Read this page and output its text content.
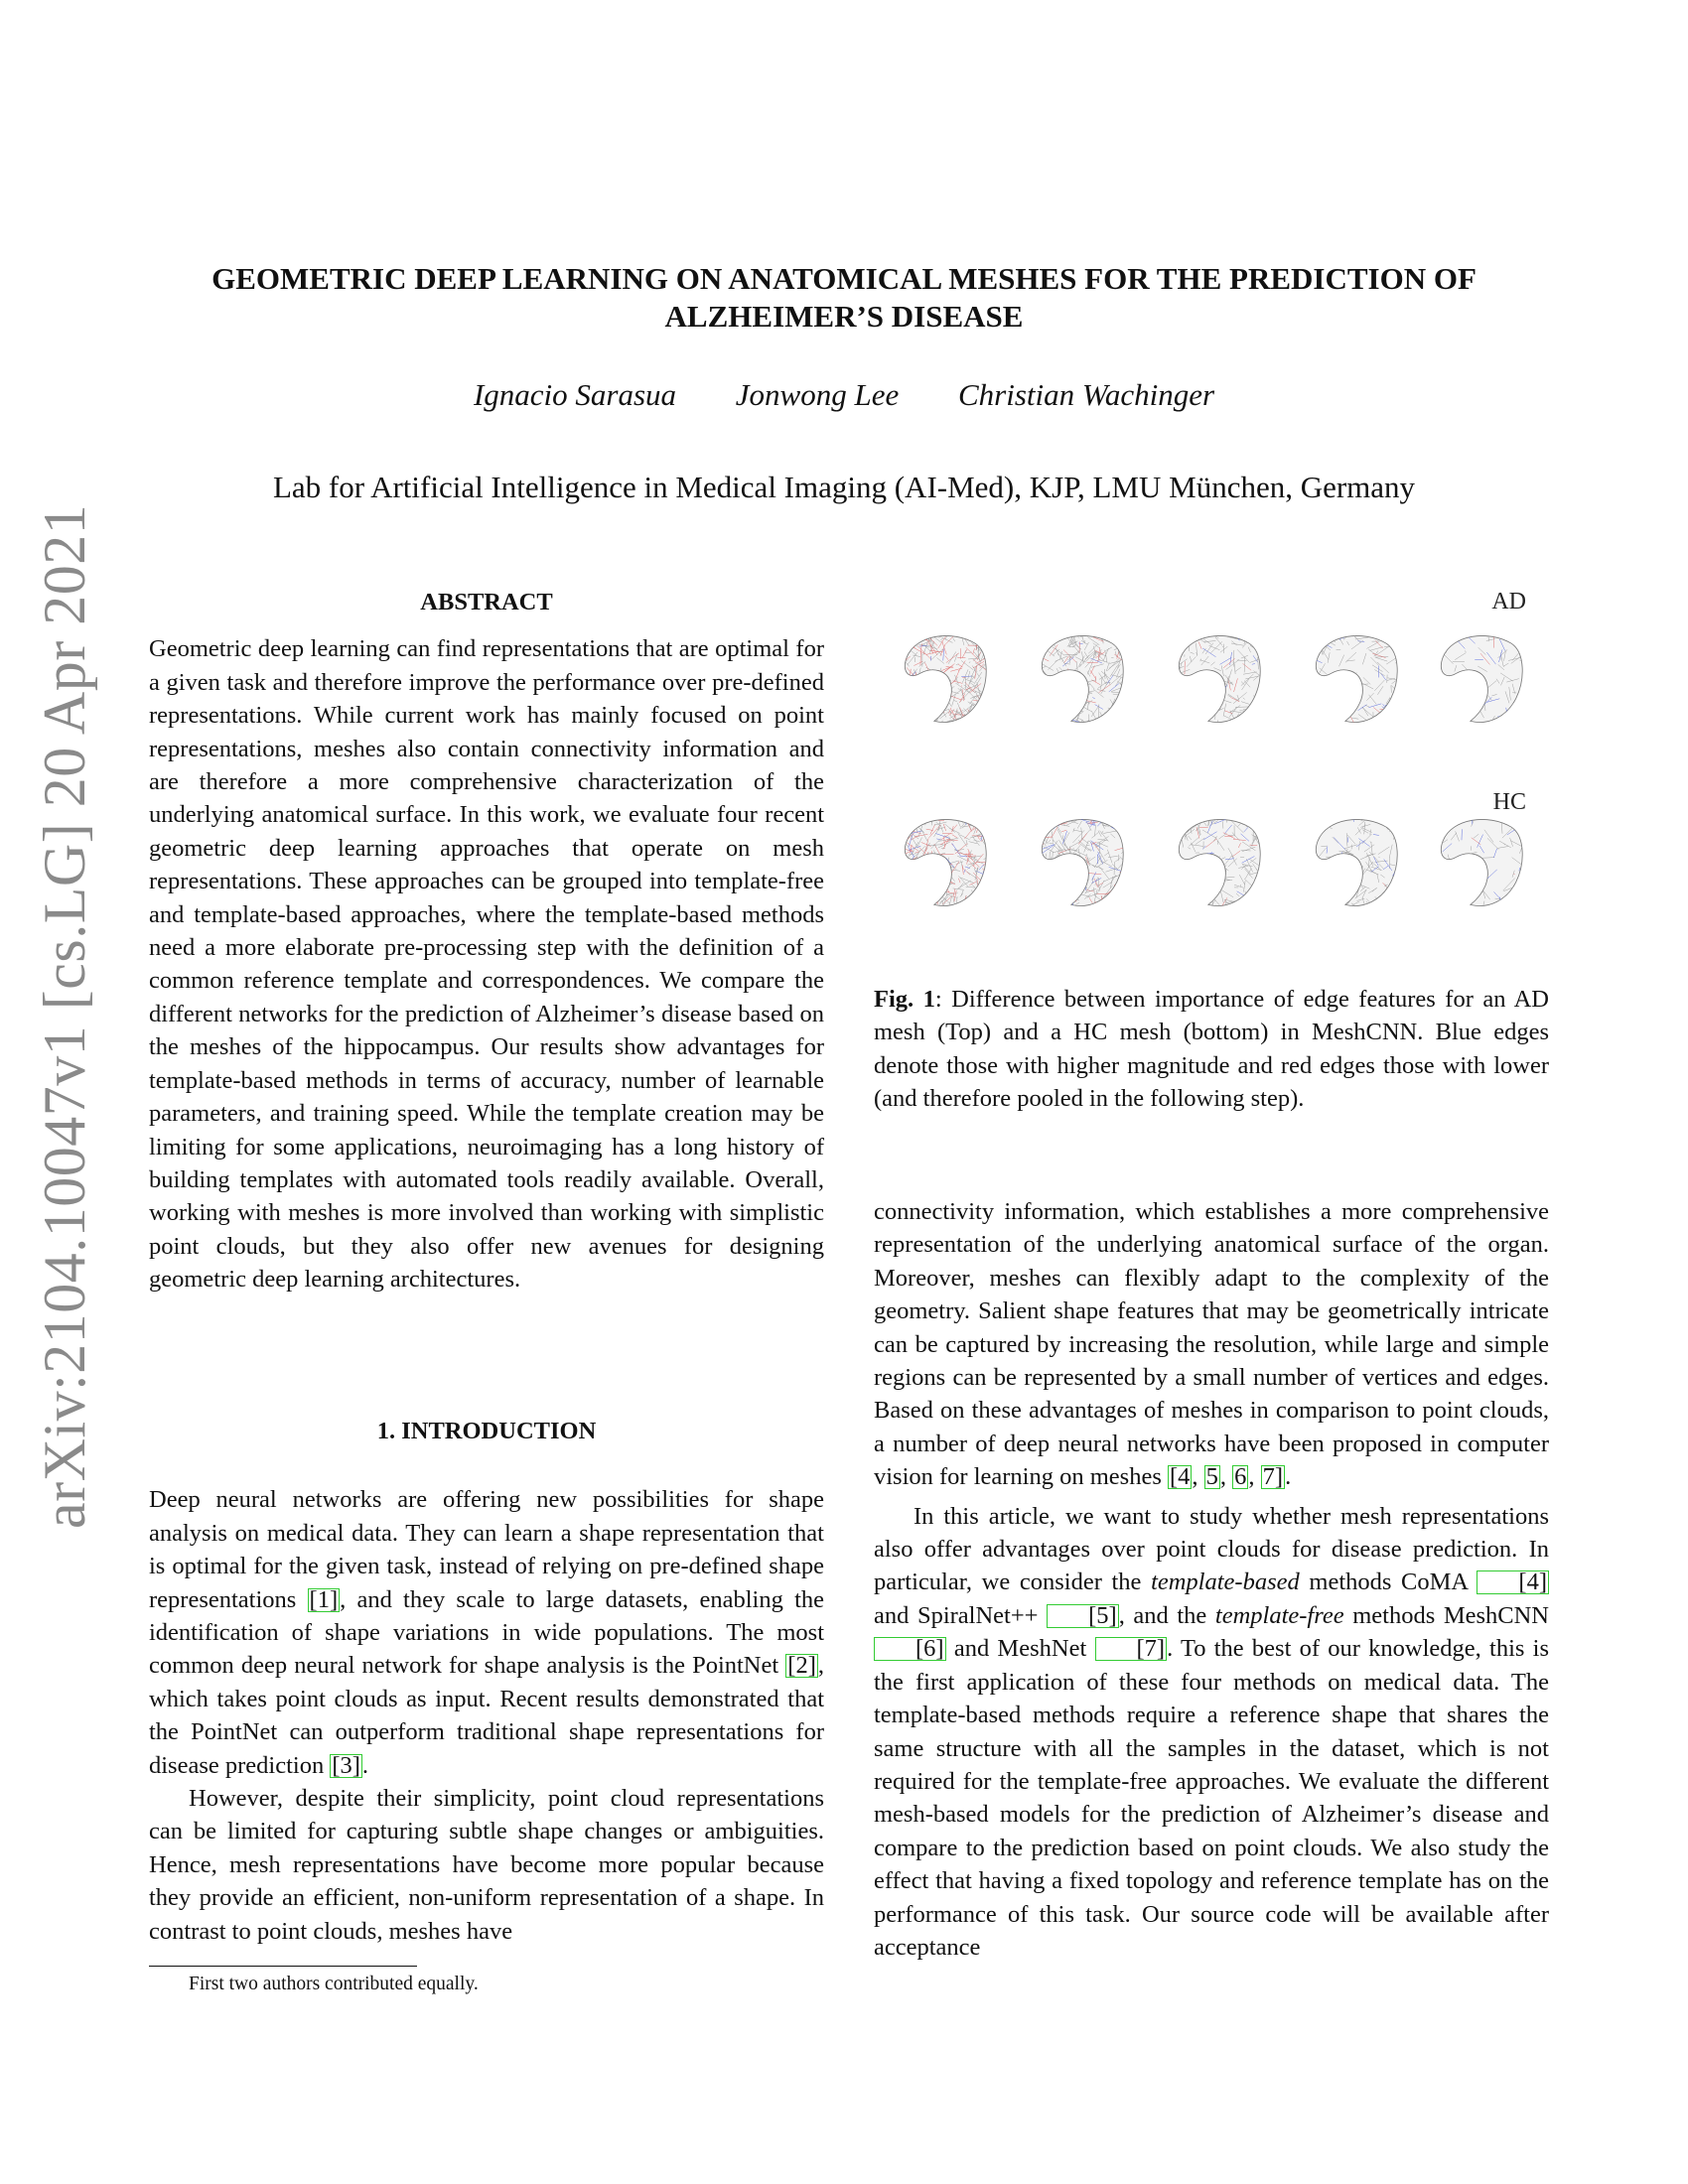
arXiv:2104.10047v1 [cs.LG] 20 Apr 2021
GEOMETRIC DEEP LEARNING ON ANATOMICAL MESHES FOR THE PREDICTION OF ALZHEIMER’S DISEASE
Ignacio Sarasua Jonwong Lee Christian Wachinger
Lab for Artificial Intelligence in Medical Imaging (AI-Med), KJP, LMU München, Germany
ABSTRACT

Geometric deep learning can find representations that are optimal for a given task and therefore improve the performance over pre-defined representations. While current work has mainly focused on point representations, meshes also contain connectivity information and are therefore a more comprehensive characterization of the underlying anatomical surface. In this work, we evaluate four recent geometric deep learning approaches that operate on mesh representations. These approaches can be grouped into template-free and template-based approaches, where the template-based methods need a more elaborate pre-processing step with the definition of a common reference template and correspondences. We compare the different networks for the prediction of Alzheimer’s disease based on the meshes of the hippocampus. Our results show advantages for template-based methods in terms of accuracy, number of learnable parameters, and training speed. While the template creation may be limiting for some applications, neuroimaging has a long history of building templates with automated tools readily available. Overall, working with meshes is more involved than working with simplistic point clouds, but they also offer new avenues for designing geometric deep learning architectures.

1. INTRODUCTION

Deep neural networks are offering new possibilities for shape analysis on medical data. They can learn a shape representation that is optimal for the given task, instead of relying on pre-defined shape representations [1], and they scale to large datasets, enabling the identification of shape variations in wide populations. The most common deep neural network for shape analysis is the PointNet [2], which takes point clouds as input. Recent results demonstrated that the PointNet can outperform traditional shape representations for disease prediction [3].

However, despite their simplicity, point cloud representations can be limited for capturing subtle shape changes or ambiguities. Hence, mesh representations have become more popular because they provide an efficient, non-uniform representation of a shape. In contrast to point clouds, meshes have

AD
HC
Fig. 1: Difference between importance of edge features for an AD mesh (Top) and a HC mesh (bottom) in MeshCNN. Blue edges denote those with higher magnitude and red edges those with lower (and therefore pooled in the following step).

connectivity information, which establishes a more comprehensive representation of the underlying anatomical surface of the organ. Moreover, meshes can flexibly adapt to the complexity of the geometry. Salient shape features that may be geometrically intricate can be captured by increasing the resolution, while large and simple regions can be represented by a small number of vertices and edges. Based on these advantages of meshes in comparison to point clouds, a number of deep neural networks have been proposed in computer vision for learning on meshes [4, 5, 6, 7].

In this article, we want to study whether mesh representations also offer advantages over point clouds for disease prediction. In particular, we consider the template-based methods CoMA [4] and SpiralNet++ [5], and the template-free methods MeshCNN [6] and MeshNet [7]. To the best of our knowledge, this is the first application of these four methods on medical data. The template-based methods require a reference shape that shares the same structure with all the samples in the dataset, which is not required for the template-free approaches. We evaluate the different mesh-based models for the prediction of Alzheimer’s disease and compare to the prediction based on point clouds. We also study the effect that having a fixed topology and reference template has on the performance of this task. Our source code will be available after acceptance

First two authors contributed equally.
